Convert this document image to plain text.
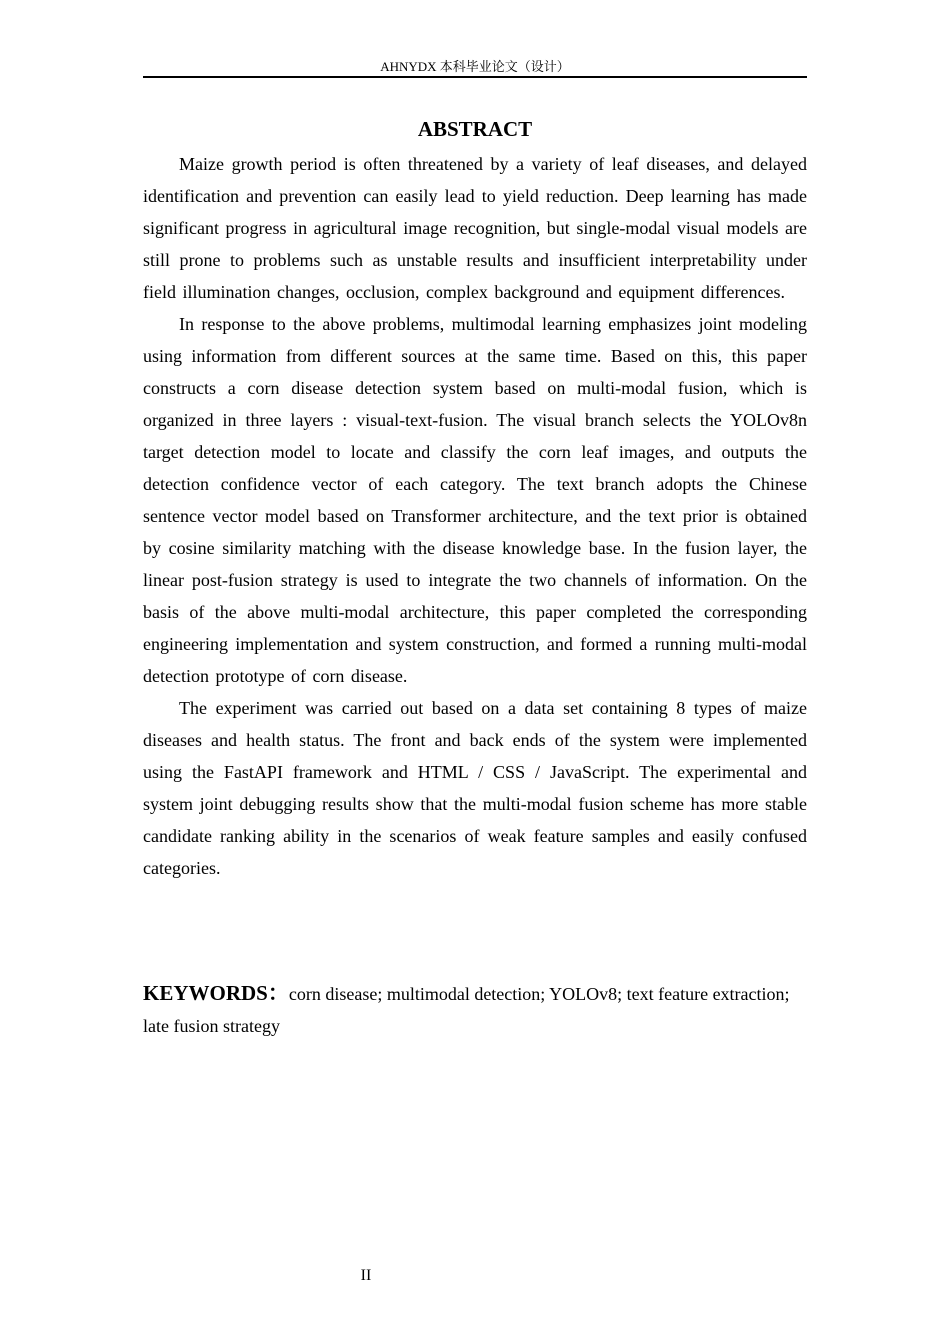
AHNYDX 本科毕业论文（设计）
ABSTRACT

Maize growth period is often threatened by a variety of leaf diseases, and delayed identification and prevention can easily lead to yield reduction. Deep learning has made significant progress in agricultural image recognition, but single-modal visual models are still prone to problems such as unstable results and insufficient interpretability under field illumination changes, occlusion, complex background and equipment differences.

In response to the above problems, multimodal learning emphasizes joint modeling using information from different sources at the same time. Based on this, this paper constructs a corn disease detection system based on multi-modal fusion, which is organized in three layers : visual-text-fusion. The visual branch selects the YOLOv8n target detection model to locate and classify the corn leaf images, and outputs the detection confidence vector of each category. The text branch adopts the Chinese sentence vector model based on Transformer architecture, and the text prior is obtained by cosine similarity matching with the disease knowledge base. In the fusion layer, the linear post-fusion strategy is used to integrate the two channels of information. On the basis of the above multi-modal architecture, this paper completed the corresponding engineering implementation and system construction, and formed a running multi-modal detection prototype of corn disease.

The experiment was carried out based on a data set containing 8 types of maize diseases and health status. The front and back ends of the system were implemented using the FastAPI framework and HTML / CSS / JavaScript. The experimental and system joint debugging results show that the multi-modal fusion scheme has more stable candidate ranking ability in the scenarios of weak feature samples and easily confused categories.

KEYWORDS：corn disease; multimodal detection; YOLOv8; text feature extraction; late fusion strategy

II
